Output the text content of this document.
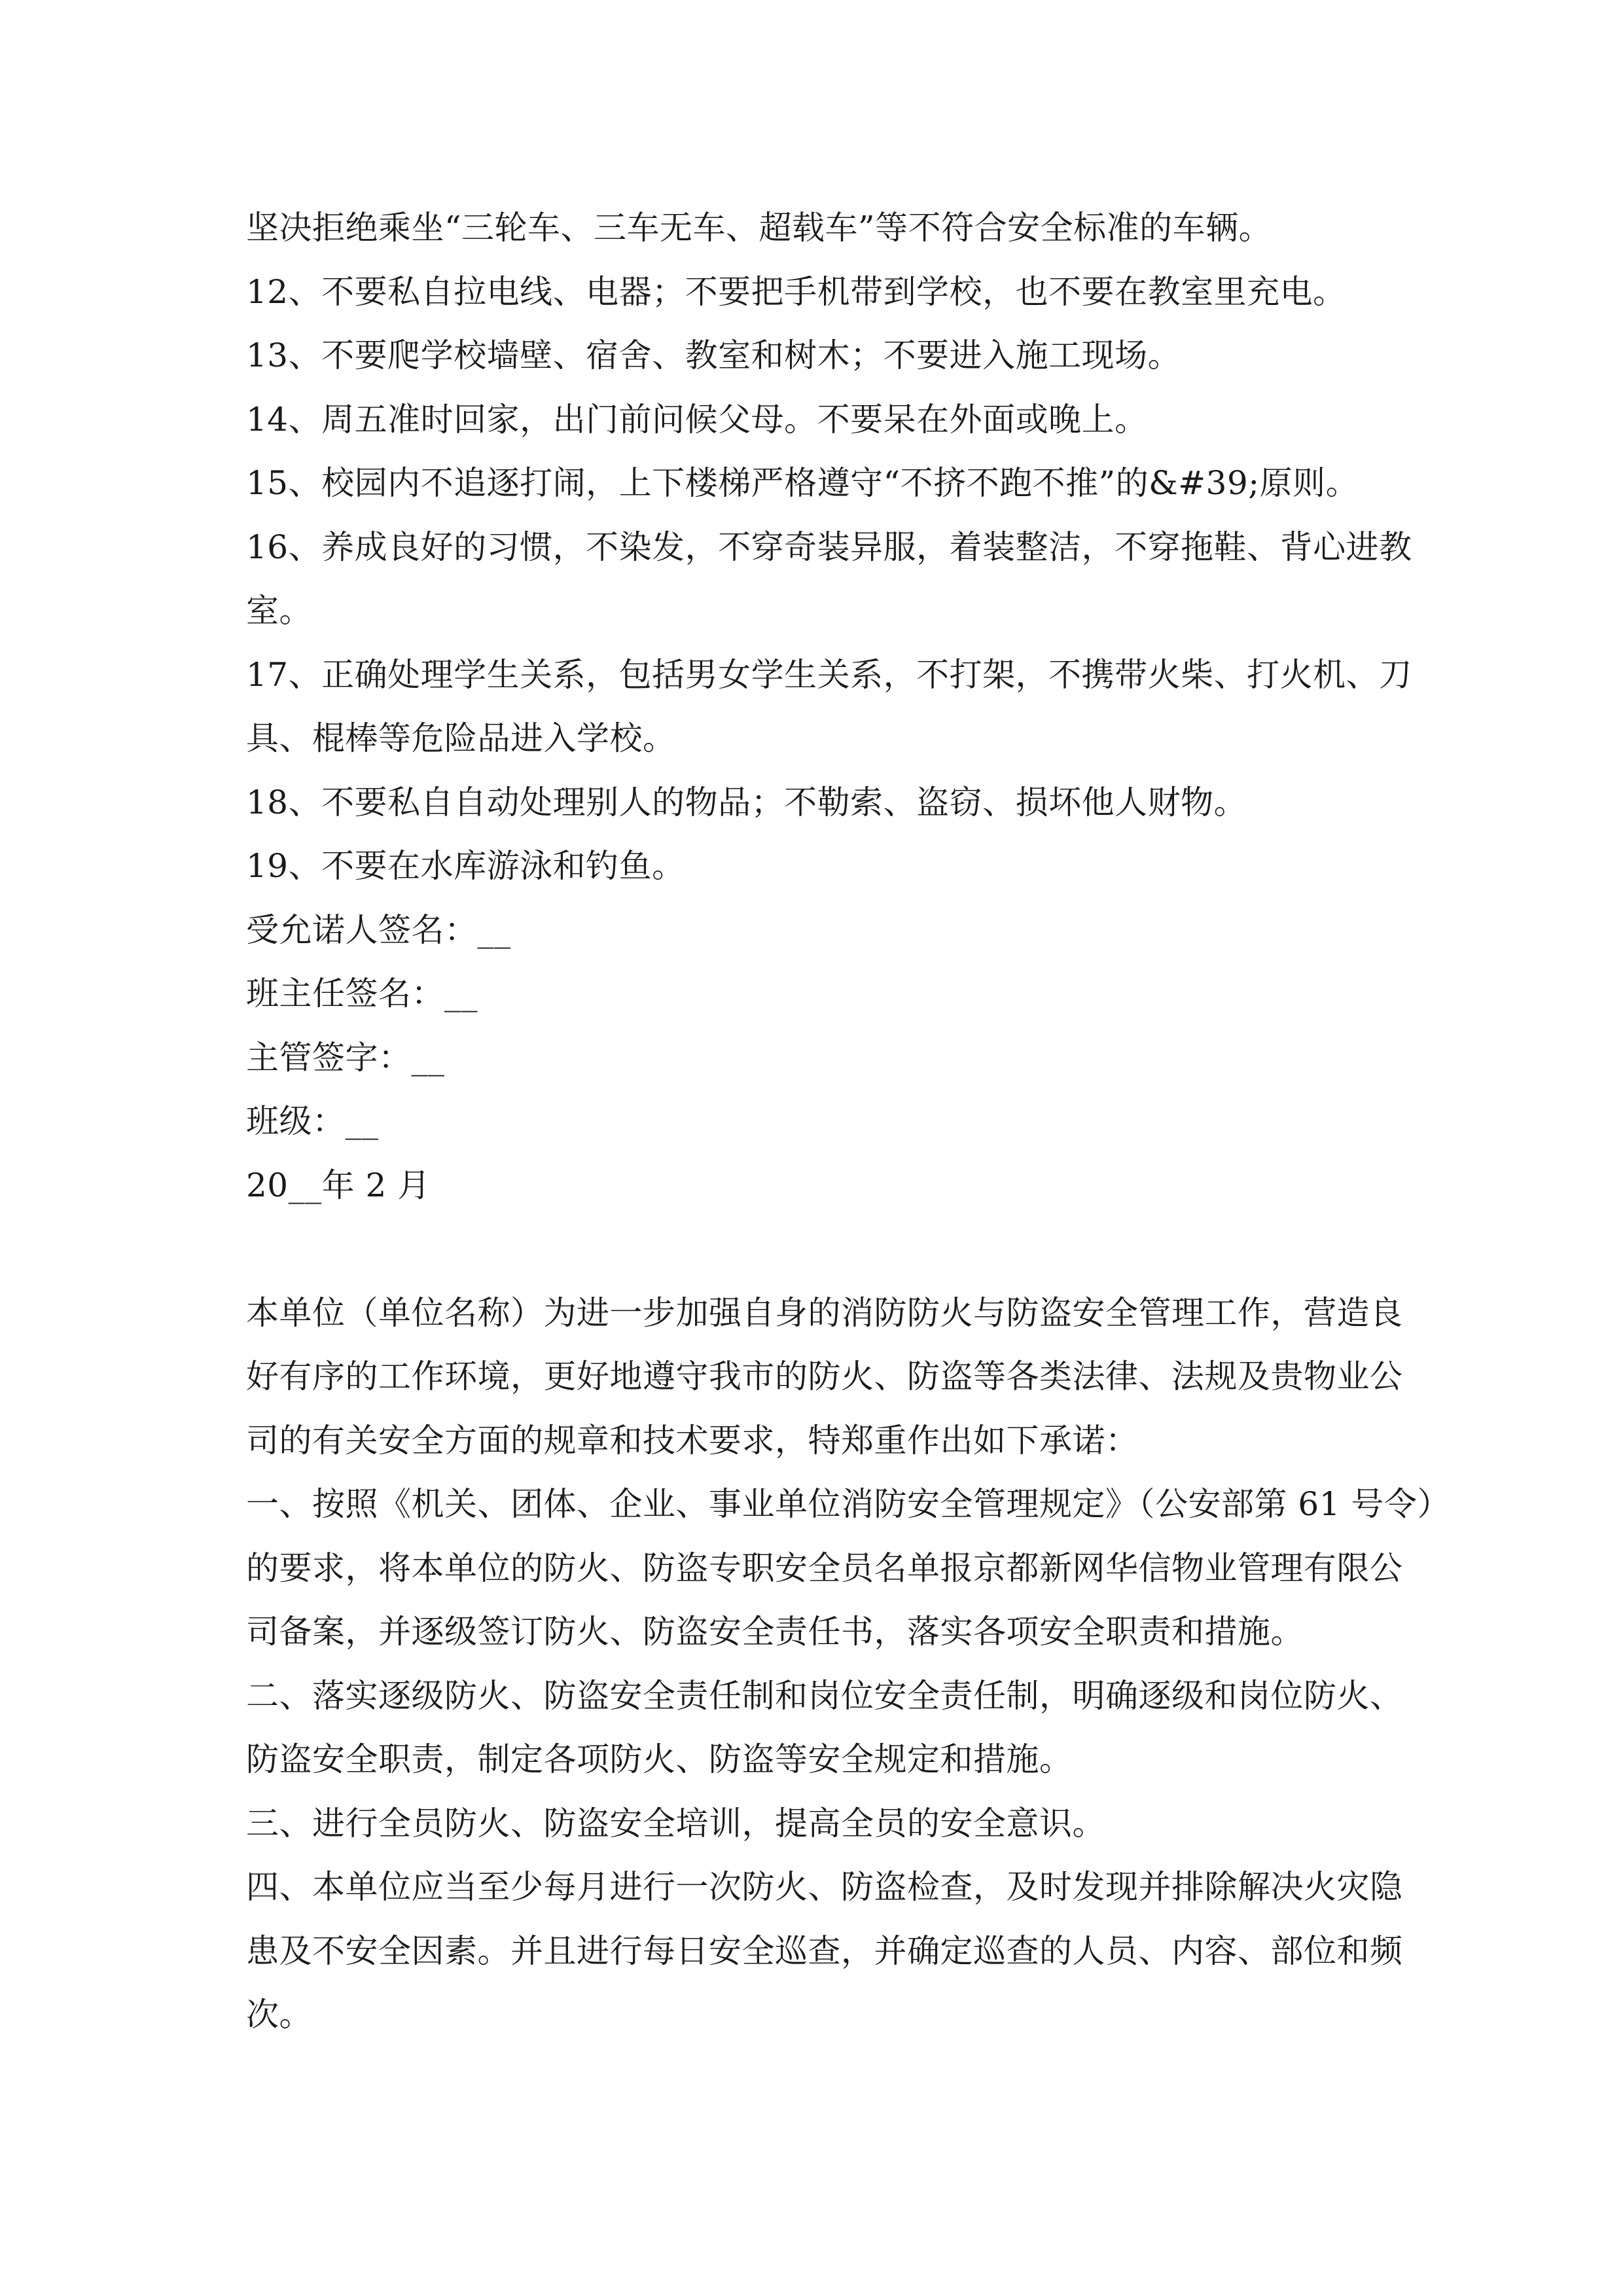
坚决拒绝乘坐“三轮车、三车无车、超载车”等不符合安全标准的车辆。
12、不要私自拉电线、电器；不要把手机带到学校，也不要在教室里充电。
13、不要爬学校墙壁、宿舍、教室和树木；不要进入施工现场。
14、周五准时回家，出门前问候父母。不要呆在外面或晚上。
15、校园内不追逐打闹，上下楼梯严格遵守“不挤不跑不推”的&#39;原则。
16、养成良好的习惯，不染发，不穿奇装异服，着装整洁，不穿拖鞋、背心进教
室。
17、正确处理学生关系，包括男女学生关系，不打架，不携带火柴、打火机、刀
具、棍棒等危险品进入学校。
18、不要私自自动处理别人的物品；不勒索、盗窃、损坏他人财物。
19、不要在水库游泳和钓鱼。
受允诺人签名：__
班主任签名：__
主管签字：__
班级：__
20__年 2 月
本单位（单位名称）为进一步加强自身的消防防火与防盗安全管理工作，营造良
好有序的工作环境，更好地遵守我市的防火、防盗等各类法律、法规及贵物业公
司的有关安全方面的规章和技术要求，特郑重作出如下承诺：
一、按照《机关、团体、企业、事业单位消防安全管理规定》（公安部第 61 号令）
的要求，将本单位的防火、防盗专职安全员名单报京都新网华信物业管理有限公
司备案，并逐级签订防火、防盗安全责任书，落实各项安全职责和措施。
二、落实逐级防火、防盗安全责任制和岗位安全责任制，明确逐级和岗位防火、
防盗安全职责，制定各项防火、防盗等安全规定和措施。
三、进行全员防火、防盗安全培训，提高全员的安全意识。
四、本单位应当至少每月进行一次防火、防盗检查，及时发现并排除解决火灾隐
患及不安全因素。并且进行每日安全巡查，并确定巡查的人员、内容、部位和频
次。
